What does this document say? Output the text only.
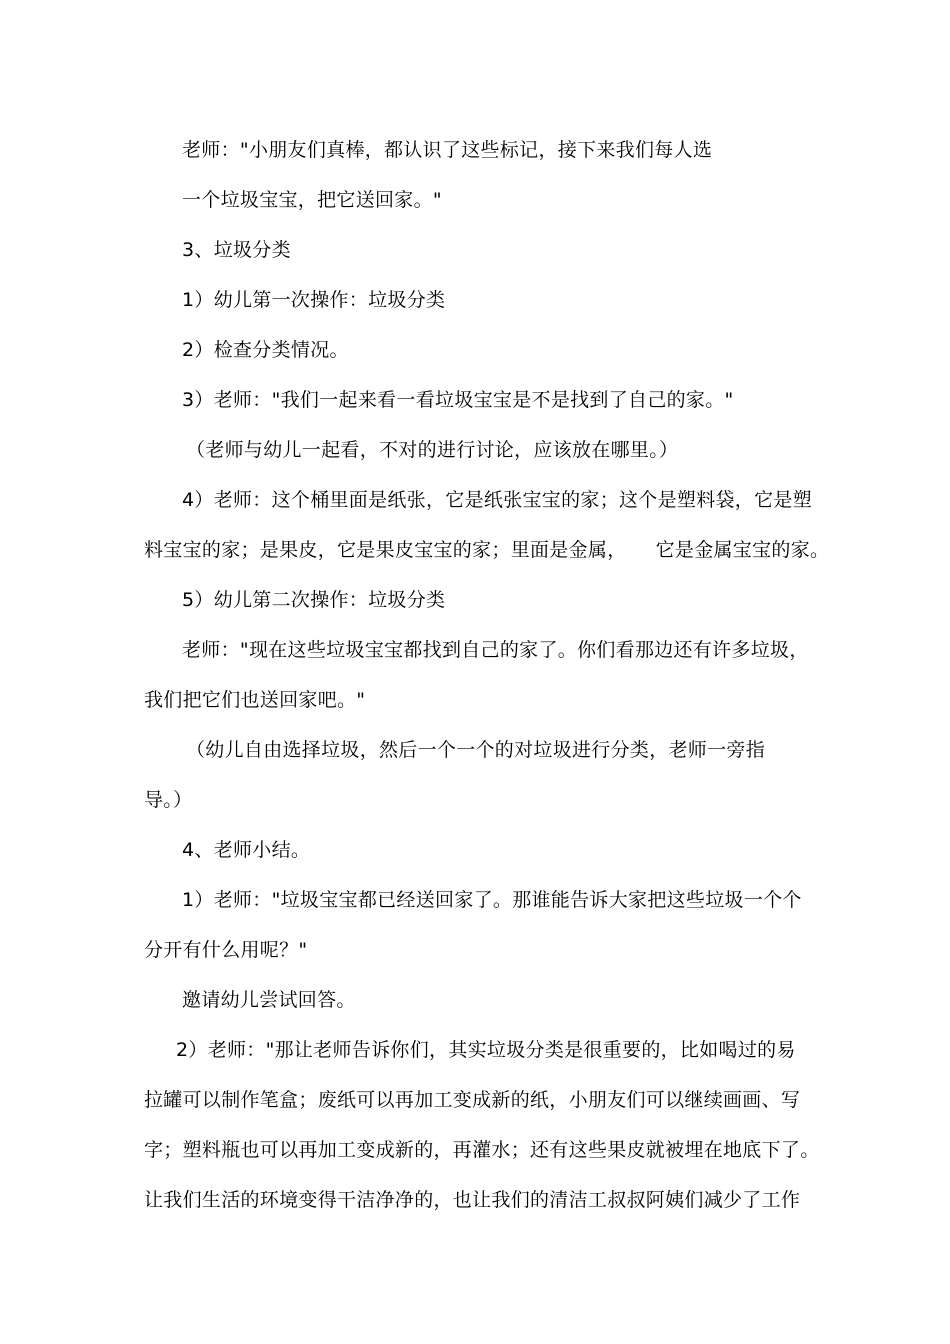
老师："小朋友们真棒，都认识了这些标记，接下来我们每人选

一个垃圾宝宝，把它送回家。"

3、垃圾分类

1）幼儿第一次操作：垃圾分类

2）检查分类情况。

3）老师："我们一起来看一看垃圾宝宝是不是找到了自己的家。"

（老师与幼儿一起看，不对的进行讨论，应该放在哪里。）

4）老师：这个桶里面是纸张，它是纸张宝宝的家；这个是塑料袋，它是塑

料宝宝的家；是果皮，它是果皮宝宝的家；里面是金属，　　它是金属宝宝的家。

5）幼儿第二次操作：垃圾分类

老师："现在这些垃圾宝宝都找到自己的家了。你们看那边还有许多垃圾，

我们把它们也送回家吧。"

（幼儿自由选择垃圾，然后一个一个的对垃圾进行分类，老师一旁指

导。）

4、老师小结。

1）老师："垃圾宝宝都已经送回家了。那谁能告诉大家把这些垃圾一个个

分开有什么用呢？"

邀请幼儿尝试回答。

2）老师："那让老师告诉你们，其实垃圾分类是很重要的，比如喝过的易

拉罐可以制作笔盒；废纸可以再加工变成新的纸，小朋友们可以继续画画、写

字；塑料瓶也可以再加工变成新的，再灌水；还有这些果皮就被埋在地底下了。

让我们生活的环境变得干洁净净的，也让我们的清洁工叔叔阿姨们减少了工作
